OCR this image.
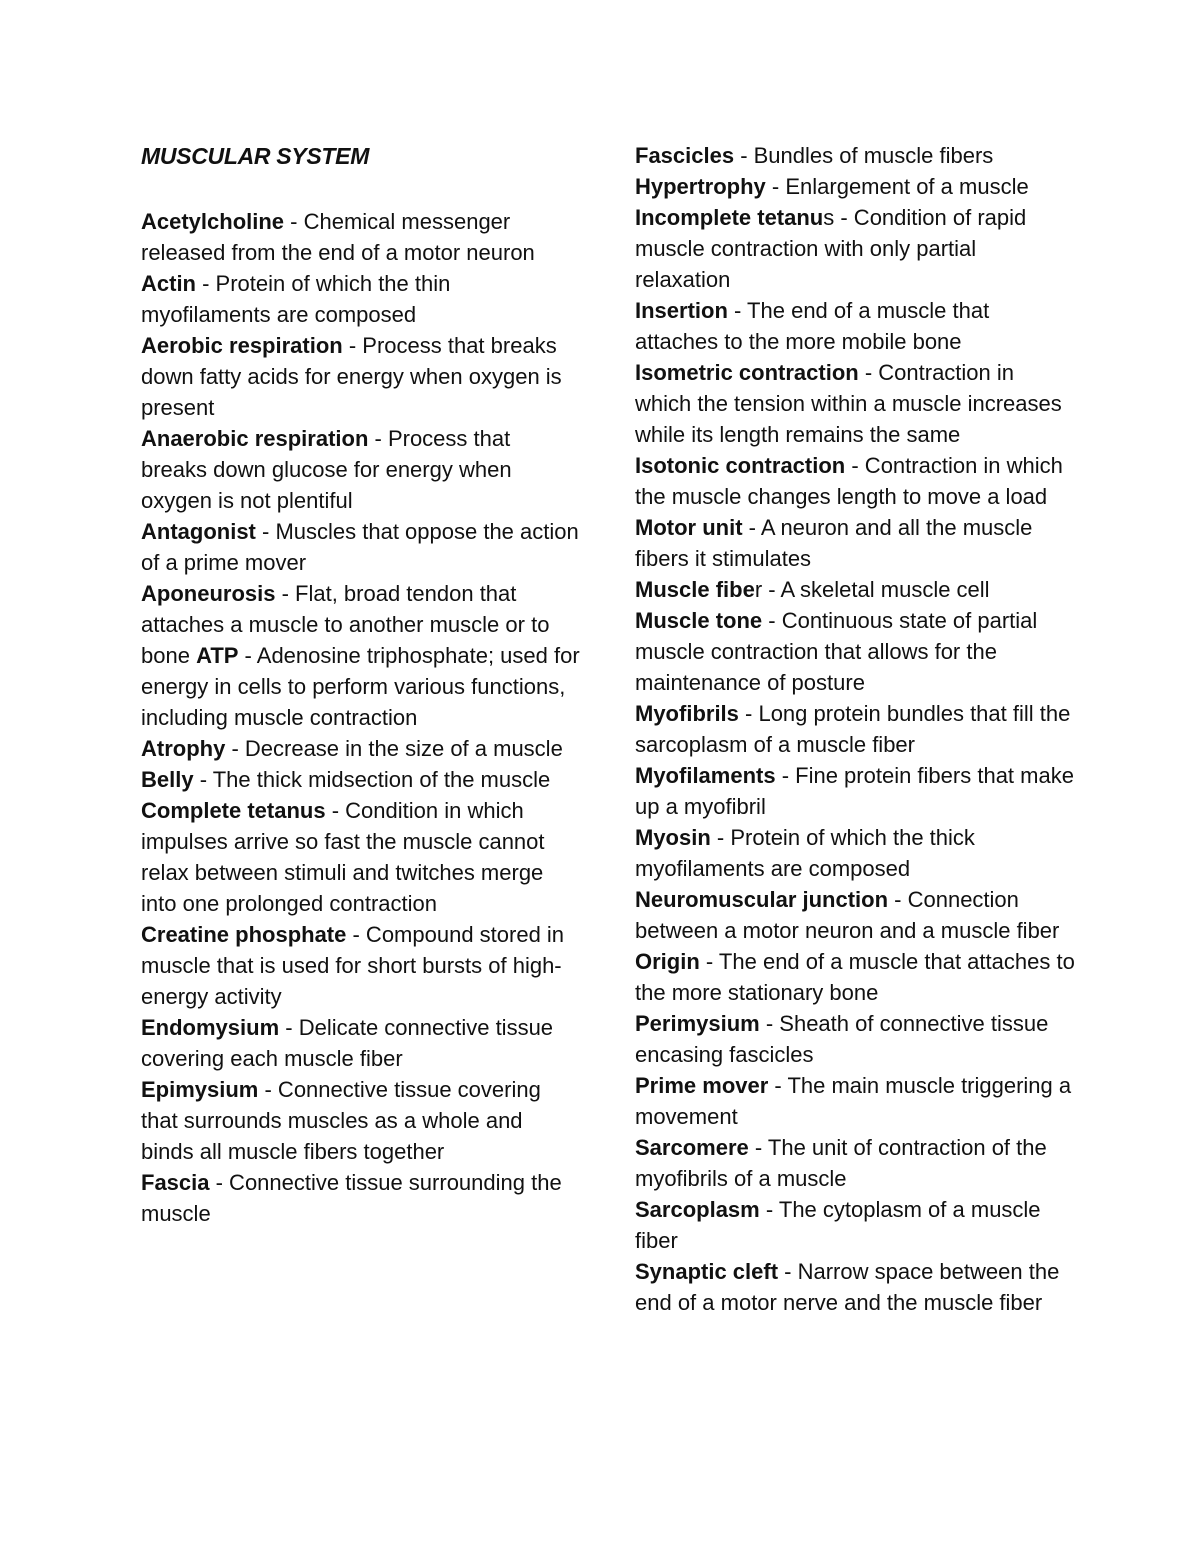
MUSCULAR SYSTEM

Acetylcholine - Chemical messenger released from the end of a motor neuron

Actin - Protein of which the thin myofilaments are composed

Aerobic respiration - Process that breaks down fatty acids for energy when oxygen is present

Anaerobic respiration - Process that breaks down glucose for energy when oxygen is not plentiful

Antagonist - Muscles that oppose the action of a prime mover

Aponeurosis - Flat, broad tendon that attaches a muscle to another muscle or to bone ATP - Adenosine triphosphate; used for energy in cells to perform various functions, including muscle contraction

Atrophy - Decrease in the size of a muscle

Belly - The thick midsection of the muscle

Complete tetanus - Condition in which impulses arrive so fast the muscle cannot relax between stimuli and twitches merge into one prolonged contraction

Creatine phosphate - Compound stored in muscle that is used for short bursts of high- energy activity

Endomysium - Delicate connective tissue covering each muscle fiber

Epimysium - Connective tissue covering that surrounds muscles as a whole and binds all muscle fibers together

Fascia - Connective tissue surrounding the muscle

Fascicles - Bundles of muscle fibers

Hypertrophy - Enlargement of a muscle

Incomplete tetanus - Condition of rapid muscle contraction with only partial relaxation

Insertion - The end of a muscle that attaches to the more mobile bone

Isometric contraction - Contraction in which the tension within a muscle increases while its length remains the same

Isotonic contraction - Contraction in which the muscle changes length to move a load

Motor unit - A neuron and all the muscle fibers it stimulates

Muscle fiber - A skeletal muscle cell

Muscle tone - Continuous state of partial muscle contraction that allows for the maintenance of posture

Myofibrils - Long protein bundles that fill the sarcoplasm of a muscle fiber

Myofilaments - Fine protein fibers that make up a myofibril

Myosin - Protein of which the thick myofilaments are composed

Neuromuscular junction - Connection between a motor neuron and a muscle fiber Origin - The end of a muscle that attaches to the more stationary bone

Perimysium - Sheath of connective tissue encasing fascicles

Prime mover - The main muscle triggering a movement

Sarcomere - The unit of contraction of the myofibrils of a muscle

Sarcoplasm - The cytoplasm of a muscle fiber

Synaptic cleft - Narrow space between the end of a motor nerve and the muscle fiber
